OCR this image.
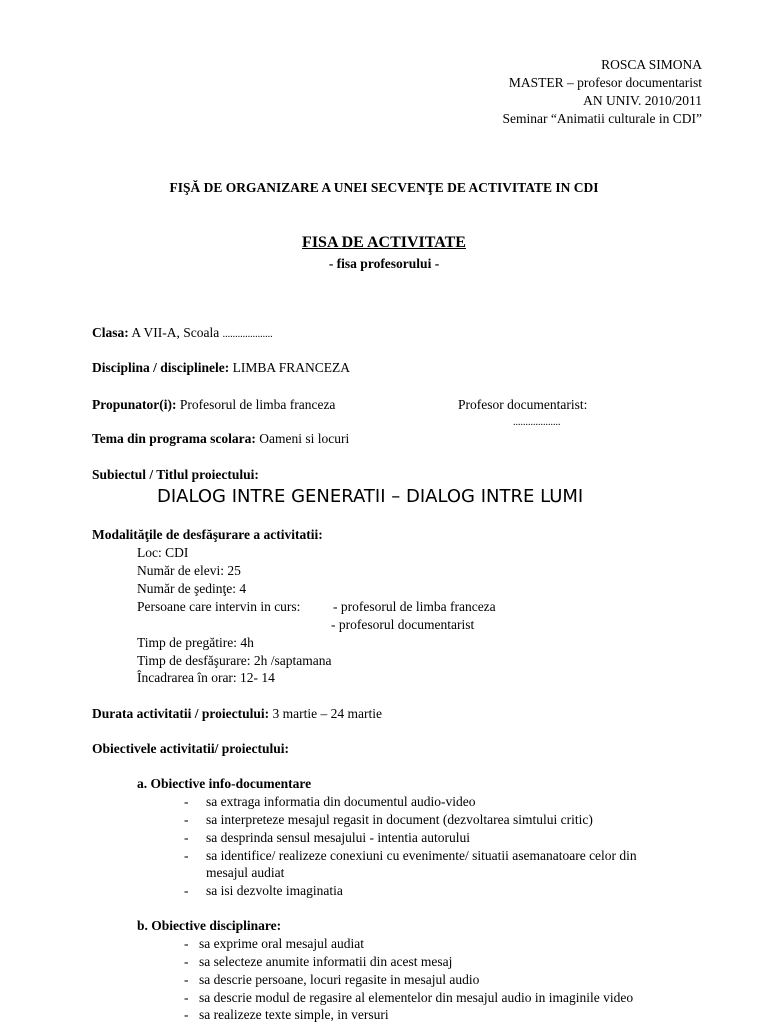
ROSCA SIMONA
MASTER – profesor documentarist
AN UNIV. 2010/2011
Seminar “Animatii culturale in CDI”
FIŞĂ DE ORGANIZARE A UNEI SECVENŢE DE ACTIVITATE IN CDI
FISA DE ACTIVITATE
- fisa profesorului -
Clasa: A VII-A, Scoala ....................
Disciplina / disciplinele: LIMBA FRANCEZA
Propunator(i): Profesorul de limba franceza	Profesor documentarist:
...................
Tema din programa scolara: Oameni si locuri
Subiectul / Titlul proiectului:
DIALOG INTRE GENERATII – DIALOG INTRE LUMI
Modalităţile de desfăşurare a activitatii:
Loc: CDI
Număr de elevi: 25
Număr de şedinţe: 4
Persoane care intervin in curs: - profesorul de limba franceza
- profesorul documentarist
Timp de pregătire: 4h
Timp de desfăşurare: 2h /saptamana
Încadrarea în orar: 12- 14
Durata activitatii / proiectului: 3 martie – 24 martie
Obiectivele activitatii/ proiectului:
a. Obiective info-documentare
- sa extraga informatia din documentul audio-video
- sa interpreteze mesajul regasit in document (dezvoltarea simtului critic)
- sa desprinda sensul mesajului - intentia autorului
- sa identifice/ realizeze conexiuni cu evenimente/ situatii asemanatoare celor din
mesajul audiat
- sa isi dezvolte imaginatia
b. Obiective disciplinare:
- sa exprime oral mesajul audiat
- sa selecteze anumite informatii din acest mesaj
- sa descrie persoane, locuri regasite in mesajul audio
- sa descrie modul de regasire al elementelor din mesajul audio in imaginile video
- sa realizeze texte simple, in versuri
